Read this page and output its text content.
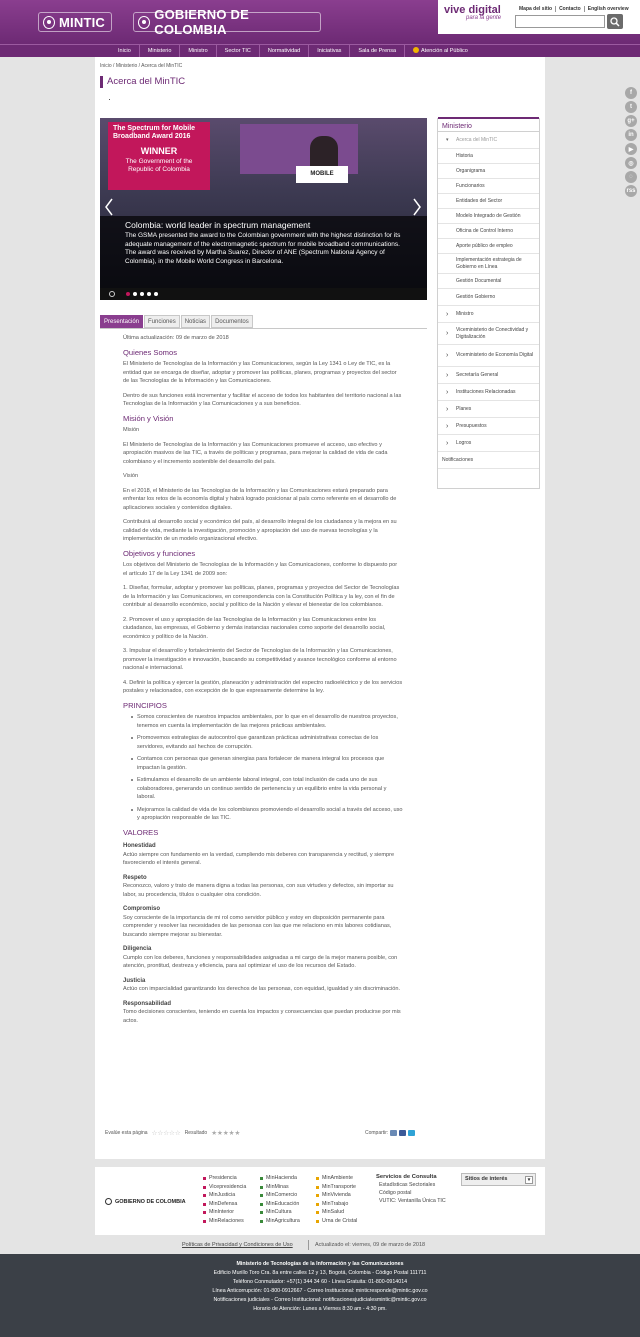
MINTIC	GOBIERNO DE COLOMBIA
vive digital
para la gente
Mapa del sitio	Contacto	English overview
Inicio	Ministerio	Ministro	Sector TIC	Normatividad	Iniciativas	Sala de Prensa	Atención al Público
Inicio / Ministerio / Acerca del MinTIC
Acerca del MinTIC
The Spectrum for Mobile Broadband Award 2016
WINNER
The Government of the Republic of Colombia
MOBILE
Colombia: world leader in spectrum management
The GSMA presented the award to the Colombian government with the highest distinction for its adequate management of the electromagnetic spectrum for mobile broadband communications. The award was received by Martha Suarez, Director of ANE (Spectrum National Agency of Colombia), in the Mobile World Congress in Barcelona.
Presentación	Funciones	Noticias	Documentos

Última actualización: 09 de marzo de 2018

Quienes Somos

El Ministerio de Tecnologías de la Información y las Comunicaciones, según la Ley 1341 o Ley de TIC, es la entidad que se encarga de diseñar, adoptar y promover las políticas, planes, programas y proyectos del sector de las Tecnologías de la Información y las Comunicaciones.

Dentro de sus funciones está incrementar y facilitar el acceso de todos los habitantes del territorio nacional a las Tecnologías de la Información y las Comunicaciones y a sus beneficios.

Misión y Visión

Misión

El Ministerio de Tecnologías de la Información y las Comunicaciones promueve el acceso, uso efectivo y apropiación masivos de las TIC, a través de políticas y programas, para mejorar la calidad de vida de cada colombiano y el incremento sostenible del desarrollo del país.

Visión

En el 2018, el Ministerio de las Tecnologías de la Información y las Comunicaciones estará preparado para enfrentar los retos de la economía digital y habrá logrado posicionar al país como referente en el desarrollo de aplicaciones sociales y contenidos digitales.

Contribuirá al desarrollo social y económico del país, al desarrollo integral de los ciudadanos y la mejora en su calidad de vida, mediante la investigación, promoción y apropiación del uso de nuevas tecnologías y la implementación de un modelo organizacional efectivo.

Objetivos y funciones

Los objetivos del Ministerio de Tecnologías de la Información y las Comunicaciones, conforme lo dispuesto por el artículo 17 de la Ley 1341 de 2009 son:

1. Diseñar, formular, adoptar y promover las políticas, planes, programas y proyectos del Sector de Tecnologías de la Información y las Comunicaciones, en correspondencia con la Constitución Política y la ley, con el fin de contribuir al desarrollo económico, social y político de la Nación y elevar el bienestar de los colombianos.

2. Promover el uso y apropiación de las Tecnologías de la Información y las Comunicaciones entre los ciudadanos, las empresas, el Gobierno y demás instancias nacionales como soporte del desarrollo social, económico y político de la Nación.

3. Impulsar el desarrollo y fortalecimiento del Sector de Tecnologías de la Información y las Comunicaciones, promover la investigación e innovación, buscando su competitividad y avance tecnológico conforme al entorno nacional e internacional.

4. Definir la política y ejercer la gestión, planeación y administración del espectro radioeléctrico y de los servicios postales y relacionados, con excepción de lo que expresamente determine la ley.

PRINCIPIOS
Somos conscientes de nuestros impactos ambientales, por lo que en el desarrollo de nuestros proyectos, tenemos en cuenta la implementación de las mejores prácticas ambientales.
Promovemos estrategias de autocontrol que garantizan prácticas administrativas correctas de los servidores, evitando así hechos de corrupción.
Contamos con personas que generan sinergias para fortalecer de manera integral los procesos que impactan la gestión.
Estimulamos el desarrollo de un ambiente laboral integral, con total inclusión de cada uno de sus colaboradores, generando un continuo sentido de pertenencia y un equilibrio entre la vida personal y laboral.
Mejoramos la calidad de vida de los colombianos promoviendo el desarrollo social a través del acceso, uso y apropiación responsable de las TIC.
VALORES
Honestidad

Actúo siempre con fundamento en la verdad, cumpliendo mis deberes con transparencia y rectitud, y siempre favoreciendo el interés general.

Respeto

Reconozco, valoro y trato de manera digna a todas las personas, con sus virtudes y defectos, sin importar su labor, su procedencia, títulos o cualquier otra condición.

Compromiso

Soy consciente de la importancia de mi rol como servidor público y estoy en disposición permanente para comprender y resolver las necesidades de las personas con las que me relaciono en mis labores cotidianas, buscando siempre mejorar su bienestar.

Diligencia

Cumplo con los deberes, funciones y responsabilidades asignadas a mi cargo de la mejor manera posible, con atención, prontitud, destreza y eficiencia, para así optimizar el uso de los recursos del Estado.

Justicia

Actúo con imparcialidad garantizando los derechos de las personas, con equidad, igualdad y sin discriminación.

Responsabilidad

Tomo decisiones conscientes, teniendo en cuenta los impactos y consecuencias que puedan producirse por mis actos.

Evalúe esta página ☆☆☆☆☆ Resultado ★★★★★	Compartir:
Ministerio
▾ Acerca del MinTIC
Historia
Organigrama
Funcionarios
Entidades del Sector
Modelo Integrado de Gestión
Oficina de Control Interno
Aporte público de empleo
Implementación estrategia de Gobierno en Línea
Gestión Documental
Gestión Gobierno
› Ministro
› Viceministerio de Conectividad y Digitalización
› Viceministerio de Economía Digital
› Secretaría General
› Instituciones Relacionadas
› Planes
› Presupuestos
› Logros
Notificaciones
f
t
g+
in
▶
◎
◌
rss
GOBIERNO DE COLOMBIA
Presidencia
Vicepresidencia
MinJusticia
MinDefensa
MinInterior
MinRelaciones
MinHacienda
MinMinas
MinComercio
MinEducación
MinCultura
MinAgricultura
MinAmbiente
MinTransporte
MinVivienda
MinTrabajo
MinSalud
Urna de Cristal
Servicios de Consulta
Estadísticas Sectoriales
Código postal
VUTIC: Ventanilla Única TIC
Sitios de interés	▾
Políticas de Privacidad y Condiciones de Uso	Actualizado el: viernes, 09 de marzo de 2018
Ministerio de Tecnologías de la Información y las Comunicaciones
Edificio Murillo Toro Cra. 8a entre calles 12 y 13, Bogotá, Colombia - Código Postal 111711
Teléfono Conmutador: +57(1) 344 34 60 - Línea Gratuita: 01-800-0914014
Línea Anticorrupción: 01-800-0912667 - Correo Institucional: minticresponde@mintic.gov.co
Notificaciones judiciales - Correo Institucional: notificacionesjudicialesmintic@mintic.gov.co
Horario de Atención: Lunes a Viernes 8:30 am - 4:30 pm.
